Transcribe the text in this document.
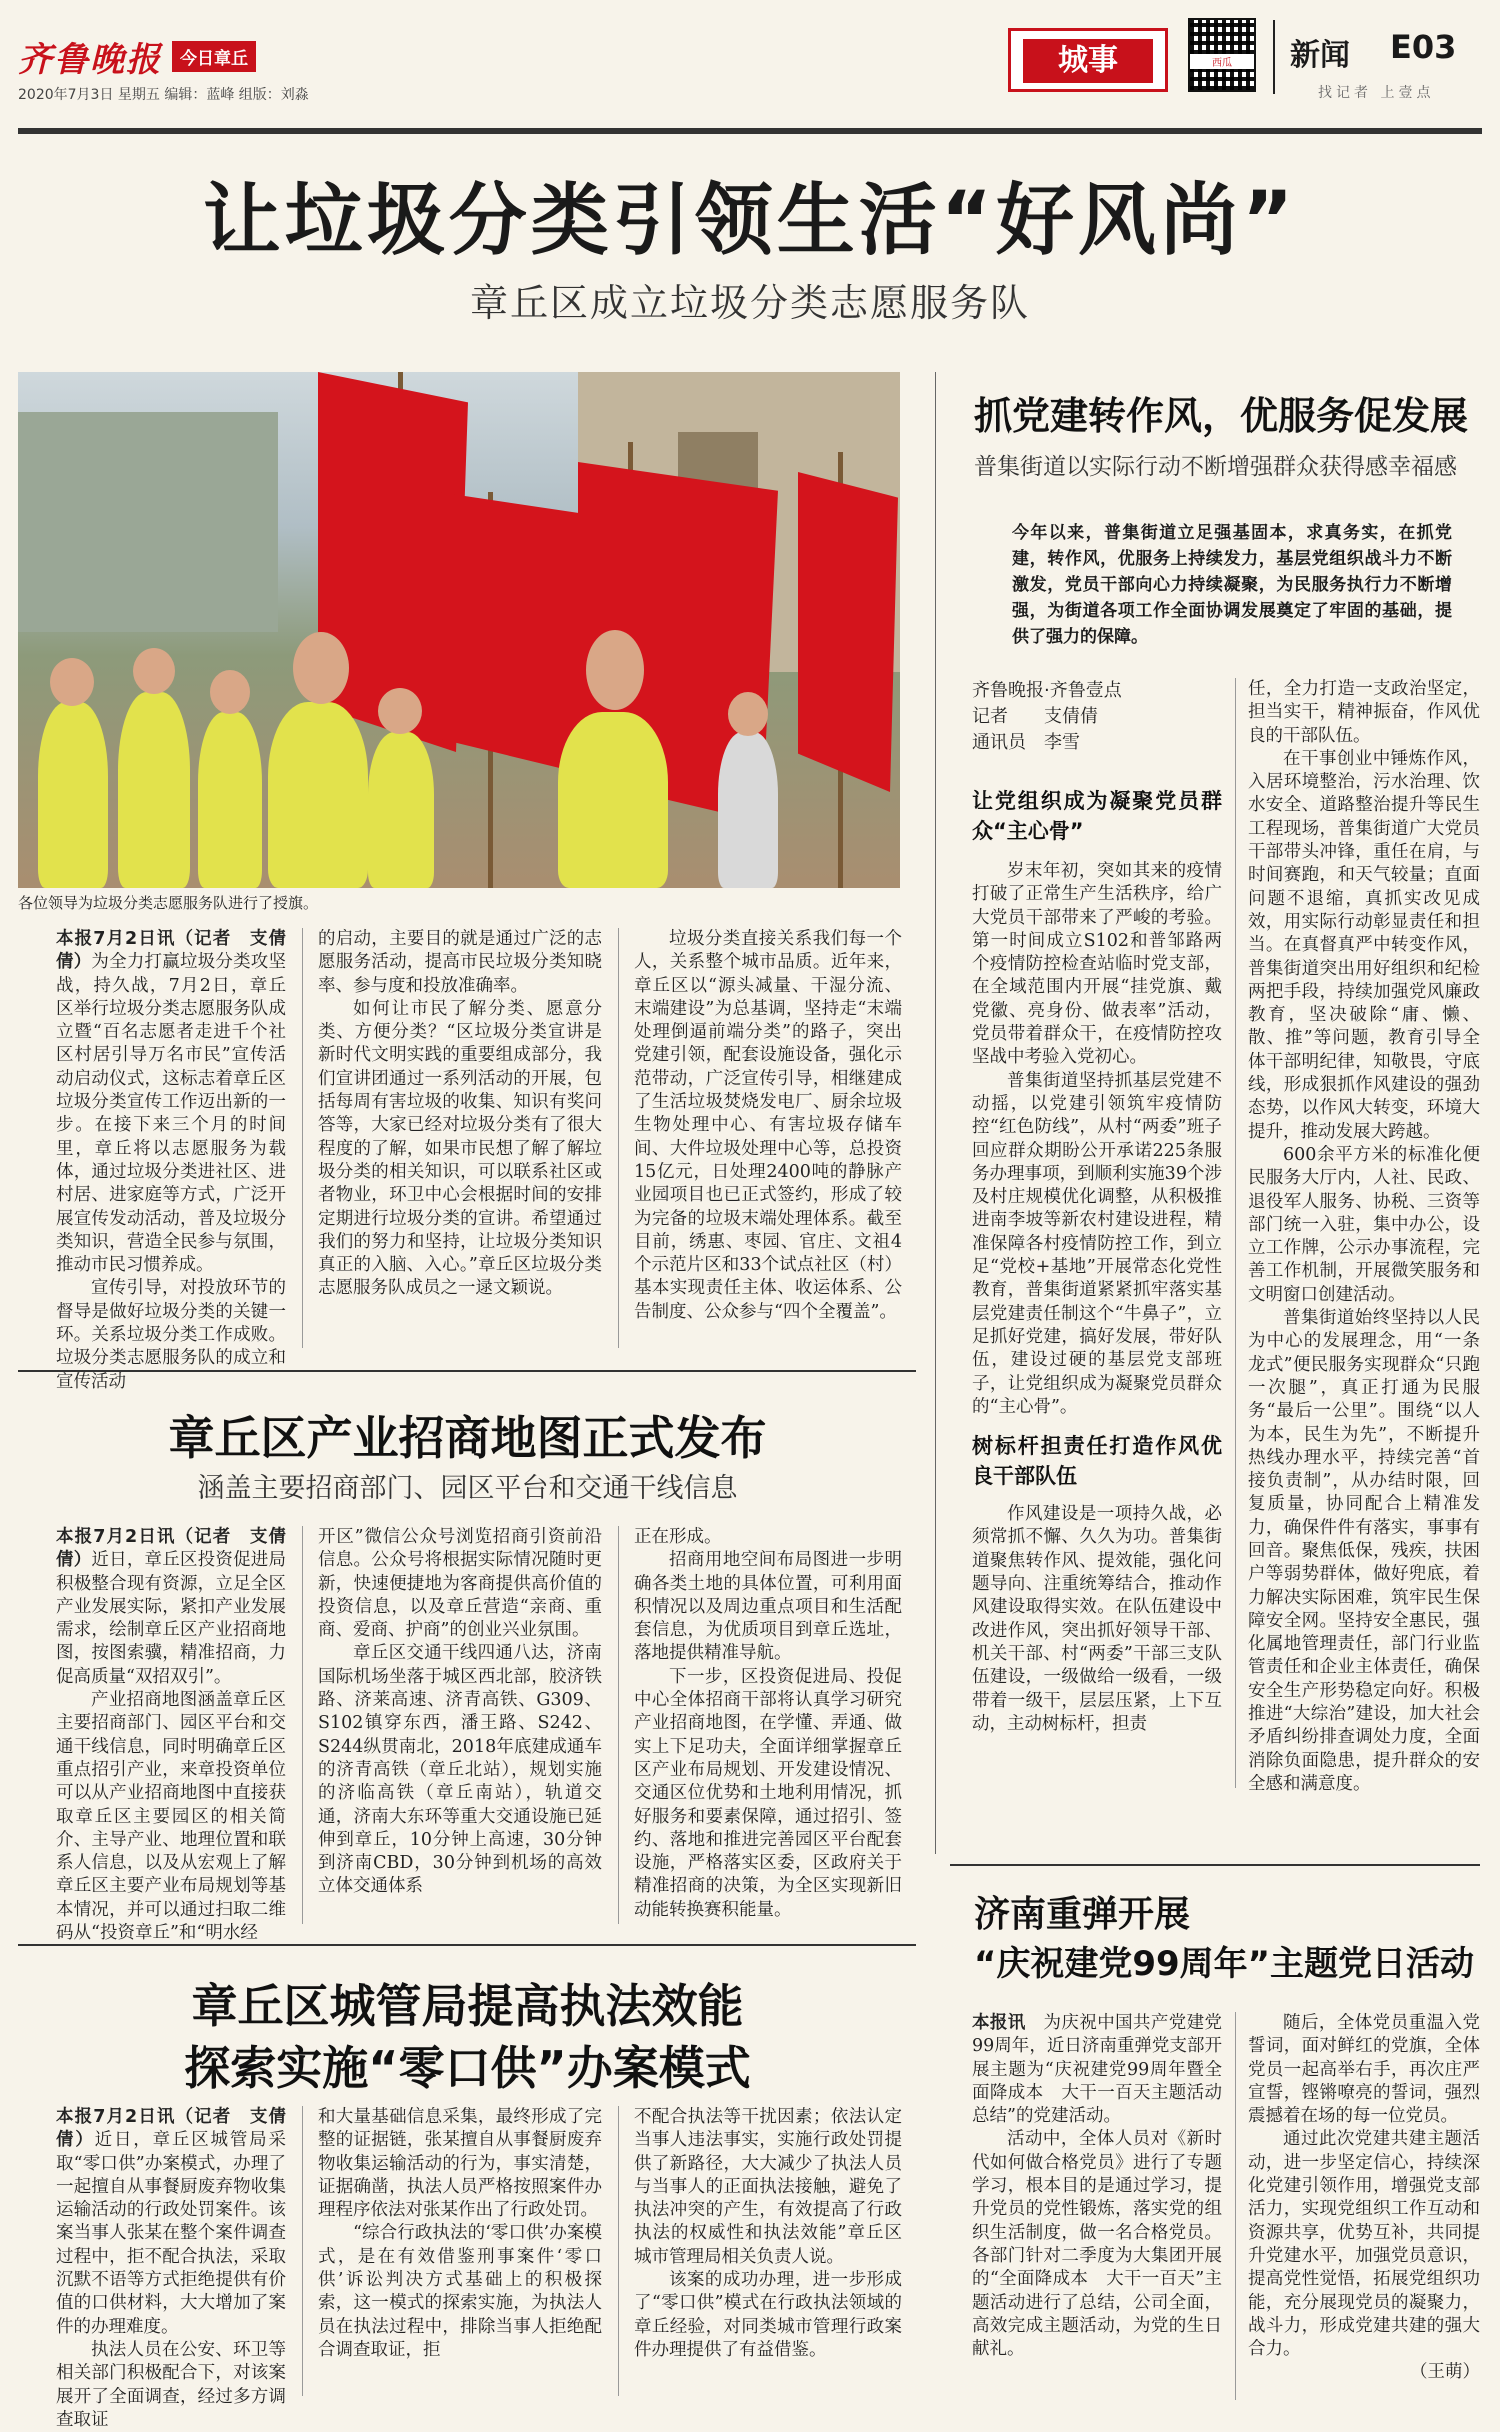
齐鲁晚报	今日章丘
2020年7月3日 星期五 编辑：蓝峰 组版：刘淼
城事	西瓜	新闻 E03
找记者 上壹点
让垃圾分类引领生活“好风尚”
章丘区成立垃圾分类志愿服务队
各位领导为垃圾分类志愿服务队进行了授旗。

本报7月2日讯（记者　支倩倩）为全力打赢垃圾分类攻坚战，持久战，7月2日，章丘区举行垃圾分类志愿服务队成立暨“百名志愿者走进千个社区村居引导万名市民”宣传活动启动仪式，这标志着章丘区垃圾分类宣传工作迈出新的一步。在接下来三个月的时间里，章丘将以志愿服务为载体，通过垃圾分类进社区、进村居、进家庭等方式，广泛开展宣传发动活动，普及垃圾分类知识，营造全民参与氛围，推动市民习惯养成。

宣传引导，对投放环节的督导是做好垃圾分类的关键一环。关系垃圾分类工作成败。垃圾分类志愿服务队的成立和宣传活动

的启动，主要目的就是通过广泛的志愿服务活动，提高市民垃圾分类知晓率、参与度和投放准确率。

如何让市民了解分类、愿意分类、方便分类？“区垃圾分类宣讲是新时代文明实践的重要组成部分，我们宣讲团通过一系列活动的开展，包括每周有害垃圾的收集、知识有奖问答等，大家已经对垃圾分类有了很大程度的了解，如果市民想了解了解垃圾分类的相关知识，可以联系社区或者物业，环卫中心会根据时间的安排定期进行垃圾分类的宣讲。希望通过我们的努力和坚持，让垃圾分类知识真正的入脑、入心。”章丘区垃圾分类志愿服务队成员之一逯文颖说。

垃圾分类直接关系我们每一个人，关系整个城市品质。近年来，章丘区以“源头减量、干湿分流、末端建设”为总基调，坚持走“末端处理倒逼前端分类”的路子，突出党建引领，配套设施设备，强化示范带动，广泛宣传引导，相继建成了生活垃圾焚烧发电厂、厨余垃圾生物处理中心、有害垃圾存储车间、大件垃圾处理中心等，总投资15亿元，日处理2400吨的静脉产业园项目也已正式签约，形成了较为完备的垃圾末端处理体系。截至目前，绣惠、枣园、官庄、文祖4个示范片区和33个试点社区（村）基本实现责任主体、收运体系、公告制度、公众参与“四个全覆盖”。

抓党建转作风，优服务促发展
普集街道以实际行动不断增强群众获得感幸福感
今年以来，普集街道立足强基固本，求真务实，在抓党建，转作风，优服务上持续发力，基层党组织战斗力不断激发，党员干部向心力持续凝聚，为民服务执行力不断增强，为街道各项工作全面协调发展奠定了牢固的基础，提供了强力的保障。
齐鲁晚报·齐鲁壹点
记者　　支倩倩
通讯员　李雪
让党组织成为凝聚党员群众“主心骨”

岁末年初，突如其来的疫情打破了正常生产生活秩序，给广大党员干部带来了严峻的考验。第一时间成立S102和普邹路两个疫情防控检查站临时党支部，在全域范围内开展“挂党旗、戴党徽、亮身份、做表率”活动，党员带着群众干，在疫情防控攻坚战中考验入党初心。

普集街道坚持抓基层党建不动摇，以党建引领筑牢疫情防控“红色防线”，从村“两委”班子回应群众期盼公开承诺225条服务办理事项，到顺利实施39个涉及村庄规模优化调整，从积极推进南李坡等新农村建设进程，精准保障各村疫情防控工作，到立足“党校+基地”开展常态化党性教育，普集街道紧紧抓牢落实基层党建责任制这个“牛鼻子”，立足抓好党建，搞好发展，带好队伍，建设过硬的基层党支部班子，让党组织成为凝聚党员群众的“主心骨”。

树标杆担责任打造作风优良干部队伍

作风建设是一项持久战，必须常抓不懈、久久为功。普集街道聚焦转作风、提效能，强化问题导向、注重统筹结合，推动作风建设取得实效。在队伍建设中改进作风，突出抓好领导干部、机关干部、村“两委”干部三支队伍建设，一级做给一级看，一级带着一级干，层层压紧，上下互动，主动树标杆，担责

任，全力打造一支政治坚定，担当实干，精神振奋，作风优良的干部队伍。

在干事创业中锤炼作风，入居环境整治，污水治理、饮水安全、道路整治提升等民生工程现场，普集街道广大党员干部带头冲锋，重任在肩，与时间赛跑，和天气较量；直面问题不退缩，真抓实改见成效，用实际行动彰显责任和担当。在真督真严中转变作风，普集街道突出用好组织和纪检两把手段，持续加强党风廉政教育，坚决破除“庸、懒、散、推”等问题，教育引导全体干部明纪律，知敬畏，守底线，形成狠抓作风建设的强劲态势，以作风大转变，环境大提升，推动发展大跨越。

600余平方米的标准化便民服务大厅内，人社、民政、退役军人服务、协税、三资等部门统一入驻，集中办公，设立工作牌，公示办事流程，完善工作机制，开展微笑服务和文明窗口创建活动。

普集街道始终坚持以人民为中心的发展理念，用“一条龙式”便民服务实现群众“只跑一次腿”，真正打通为民服务“最后一公里”。围绕“以人为本，民生为先”，不断提升热线办理水平，持续完善“首接负责制”，从办结时限，回复质量，协同配合上精准发力，确保件件有落实，事事有回音。聚焦低保，残疾，扶困户等弱势群体，做好兜底，着力解决实际困难，筑牢民生保障安全网。坚持安全惠民，强化属地管理责任，部门行业监管责任和企业主体责任，确保安全生产形势稳定向好。积极推进“大综治”建设，加大社会矛盾纠纷排查调处力度，全面消除负面隐患，提升群众的安全感和满意度。

章丘区产业招商地图正式发布
涵盖主要招商部门、园区平台和交通干线信息

本报7月2日讯（记者　支倩倩）近日，章丘区投资促进局积极整合现有资源，立足全区产业发展实际，紧扣产业发展需求，绘制章丘区产业招商地图，按图索骥，精准招商，力促高质量“双招双引”。

产业招商地图涵盖章丘区主要招商部门、园区平台和交通干线信息，同时明确章丘区重点招引产业，来章投资单位可以从产业招商地图中直接获取章丘区主要园区的相关简介、主导产业、地理位置和联系人信息，以及从宏观上了解章丘区主要产业布局规划等基本情况，并可以通过扫取二维码从“投资章丘”和“明水经

开区”微信公众号浏览招商引资前沿信息。公众号将根据实际情况随时更新，快速便捷地为客商提供高价值的投资信息，以及章丘营造“亲商、重商、爱商、护商”的创业兴业氛围。

章丘区交通干线四通八达，济南国际机场坐落于城区西北部，胶济铁路、济莱高速、济青高铁、G309、S102镇穿东西，潘王路、S242、S244纵贯南北，2018年底建成通车的济青高铁（章丘北站），规划实施的济临高铁（章丘南站），轨道交通，济南大东环等重大交通设施已延伸到章丘，10分钟上高速，30分钟到济南CBD，30分钟到机场的高效立体交通体系

正在形成。

招商用地空间布局图进一步明确各类土地的具体位置，可利用面积情况以及周边重点项目和生活配套信息，为优质项目到章丘选址，落地提供精准导航。

下一步，区投资促进局、投促中心全体招商干部将认真学习研究产业招商地图，在学懂、弄通、做实上下足功夫，全面详细掌握章丘区产业布局规划、开发建设情况、交通区位优势和土地利用情况，抓好服务和要素保障，通过招引、签约、落地和推进完善园区平台配套设施，严格落实区委，区政府关于精准招商的决策，为全区实现新旧动能转换赛积能量。

章丘区城管局提高执法效能
探索实施“零口供”办案模式

本报7月2日讯（记者　支倩倩）近日，章丘区城管局采取“零口供”办案模式，办理了一起擅自从事餐厨废弃物收集运输活动的行政处罚案件。该案当事人张某在整个案件调查过程中，拒不配合执法，采取沉默不语等方式拒绝提供有价值的口供材料，大大增加了案件的办理难度。

执法人员在公安、环卫等相关部门积极配合下，对该案展开了全面调查，经过多方调查取证

和大量基础信息采集，最终形成了完整的证据链，张某擅自从事餐厨废弃物收集运输活动的行为，事实清楚，证据确凿，执法人员严格按照案件办理程序依法对张某作出了行政处罚。

“综合行政执法的‘零口供’办案模式，是在有效借鉴刑事案件‘零口供’诉讼判决方式基础上的积极探索，这一模式的探索实施，为执法人员在执法过程中，排除当事人拒绝配合调查取证，拒

不配合执法等干扰因素；依法认定当事人违法事实，实施行政处罚提供了新路径，大大减少了执法人员与当事人的正面执法接触，避免了执法冲突的产生，有效提高了行政执法的权威性和执法效能”章丘区城市管理局相关负责人说。

该案的成功办理，进一步形成了“零口供”模式在行政执法领域的章丘经验，对同类城市管理行政案件办理提供了有益借鉴。

济南重弹开展
“庆祝建党99周年”主题党日活动

本报讯　 为庆祝中国共产党建党99周年，近日济南重弹党支部开展主题为“庆祝建党99周年暨全面降成本　大干一百天主题活动总结”的党建活动。

活动中，全体人员对《新时代如何做合格党员》进行了专题学习，根本目的是通过学习，提升党员的党性锻炼，落实党的组织生活制度，做一名合格党员。各部门针对二季度为大集团开展的“全面降成本　大干一百天”主题活动进行了总结，公司全面，高效完成主题活动，为党的生日献礼。

随后，全体党员重温入党誓词，面对鲜红的党旗，全体党员一起高举右手，再次庄严宣誓，铿锵嘹亮的誓词，强烈震撼着在场的每一位党员。

通过此次党建共建主题活动，进一步坚定信心，持续深化党建引领作用，增强党支部活力，实现党组织工作互动和资源共享，优势互补，共同提升党建水平，加强党员意识，提高党性觉悟，拓展党组织功能，充分展现党员的凝聚力，战斗力，形成党建共建的强大合力。

（王萌）
